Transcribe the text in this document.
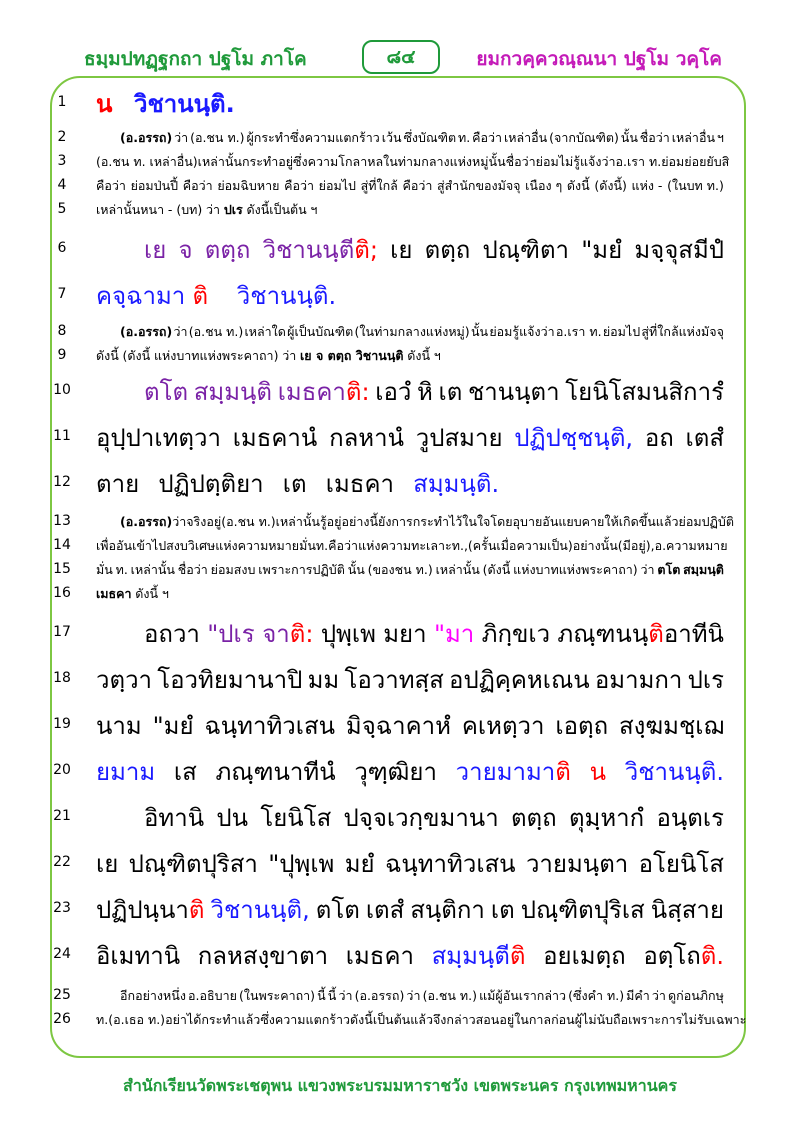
ธมฺมปทฏฺฐกถา ปฐโม ภาโค	๘๔	ยมกวคฺควณฺณนา ปฐโม วคฺโค
1	น วิชานนฺติ.
2	(อ.อรรถ) ว่า (อ.ชน ท.) ผู้กระทำซึ่งความแตกร้าว เว้น ซึ่งบัณฑิต ท. คือว่า เหล่าอื่น (จากบัณฑิต) นั้น ชื่อว่า เหล่าอื่น ฯ
3	(อ.ชน ท. เหล่าอื่น) เหล่านั้น กระทำอยู่ ซึ่งความโกลาหล ในท่ามกลางแห่งหมู่ นั้น ชื่อว่า ย่อมไม่รู้แจ้งว่า อ.เรา ท. ย่อมย่อยยับสิ
4	คือว่า ย่อมป่นปี้ คือว่า ย่อมฉิบหาย คือว่า ย่อมไป สู่ที่ใกล้ คือว่า สู่สำนักของมัจจุ เนือง ๆ ดังนี้ (ดังนี้) แห่ง - (ในบท ท.)
5	เหล่านั้นหนา - (บท) ว่า ปเร ดังนี้เป็นต้น ฯ
6	เย จ ตตฺถ วิชานนฺตีติ; เย ตตฺถ ปณฺฑิตา "มยํ มจฺจุสมีปํ
7	คจฺฉามา ติ วิชานนฺติ.
8	(อ.อรรถ) ว่า (อ.ชน ท.) เหล่าใด ผู้เป็นบัณฑิต (ในท่ามกลางแห่งหมู่) นั้น ย่อมรู้แจ้งว่า อ.เรา ท. ย่อมไป สู่ที่ใกล้แห่งมัจจุ
9	ดังนี้ (ดังนี้ แห่งบาทแห่งพระคาถา) ว่า เย จ ตตฺถ วิชานนฺติ ดังนี้ ฯ
10	ตโต สมฺมนฺติ เมธคาติ: เอวํ หิ เต ชานนฺตา โยนิโสมนสิการํ
11 อุปฺปาเทตฺวา เมธคานํ กลหานํ วูปสมาย ปฏิปชฺชนฺติ, อถ เตสํ
12 ตาย ปฏิปตฺติยา เต เมธคา สมฺมนฺติ.
13	(อ.อรรถ) ว่า จริงอยู่ (อ.ชน ท.) เหล่านั้น รู้อยู่ อย่างนี้ ยังการกระทำไว้ในใจโดยอุบายอันแยบคาย ให้เกิดขึ้นแล้ว ย่อมปฏิบัติ
14 เพื่ออันเข้าไปสงบวิเศษ แห่งความหมายมั่น ท. คือว่า แห่งความทะเลาะ ท., (ครั้นเมื่อความเป็น) อย่างนั้น (มีอยู่), อ.ความหมาย
15 มั่น ท. เหล่านั้น ชื่อว่า ย่อมสงบ เพราะการปฏิบัติ นั้น (ของชน ท.) เหล่านั้น (ดังนี้ แห่งบาทแห่งพระคาถา) ว่า ตโต สมฺมนฺติ
16 เมธคา ดังนี้ ฯ
17	อถวา "ปเร จาติ: ปุพฺเพ มยา "มา ภิกฺขเว ภณฺฑนนฺติอาทีนิ
18 วตฺวา โอวทิยมานาปิ มม โอวาทสฺส อปฏิคฺคหเณน อมามกา ปเร
19 นาม "มยํ ฉนฺทาทิวเสน มิจฺฉาคาหํ คเหตฺวา เอตฺถ สงฺฆมชฺเฌ
20 ยมาม เส ภณฺฑนาทีนํ วุฑฺฒิยา วายมามาติ น วิชานนฺติ.
21	อิทานิ ปน โยนิโส ปจฺจเวกฺขมานา ตตฺถ ตุมฺหากํ อนฺตเร
22 เย ปณฺฑิตปุริสา "ปุพฺเพ มยํ ฉนฺทาทิวเสน วายมนฺตา อโยนิโส
23 ปฏิปนฺนาติ วิชานนฺติ, ตโต เตสํ สนฺติกา เต ปณฺฑิตปุริเส นิสฺสาย
24 อิเมทานิ กลหสงฺขาตา เมธคา สมฺมนฺตีติ อยเมตฺถ อตฺโถติ.
25	อีกอย่างหนึ่ง อ.อธิบาย (ในพระคาถา) นี้ นี้ ว่า (อ.อรรถ) ว่า (อ.ชน ท.) แม้ผู้อันเรากล่าว (ซึ่งคำ ท.) มีคำ ว่า ดูก่อนภิกษุ
26 ท. (อ.เธอ ท.) อย่าได้กระทำแล้ว ซึ่งความแตกร้าว ดังนี้เป็นต้น แล้วจึงกล่าวสอนอยู่ ในกาลก่อน ผู้ไม่นับถือ เพราะการไม่รับเฉพาะ
สำนักเรียนวัดพระเชตุพน แขวงพระบรมมหาราชวัง เขตพระนคร กรุงเทพมหานคร
